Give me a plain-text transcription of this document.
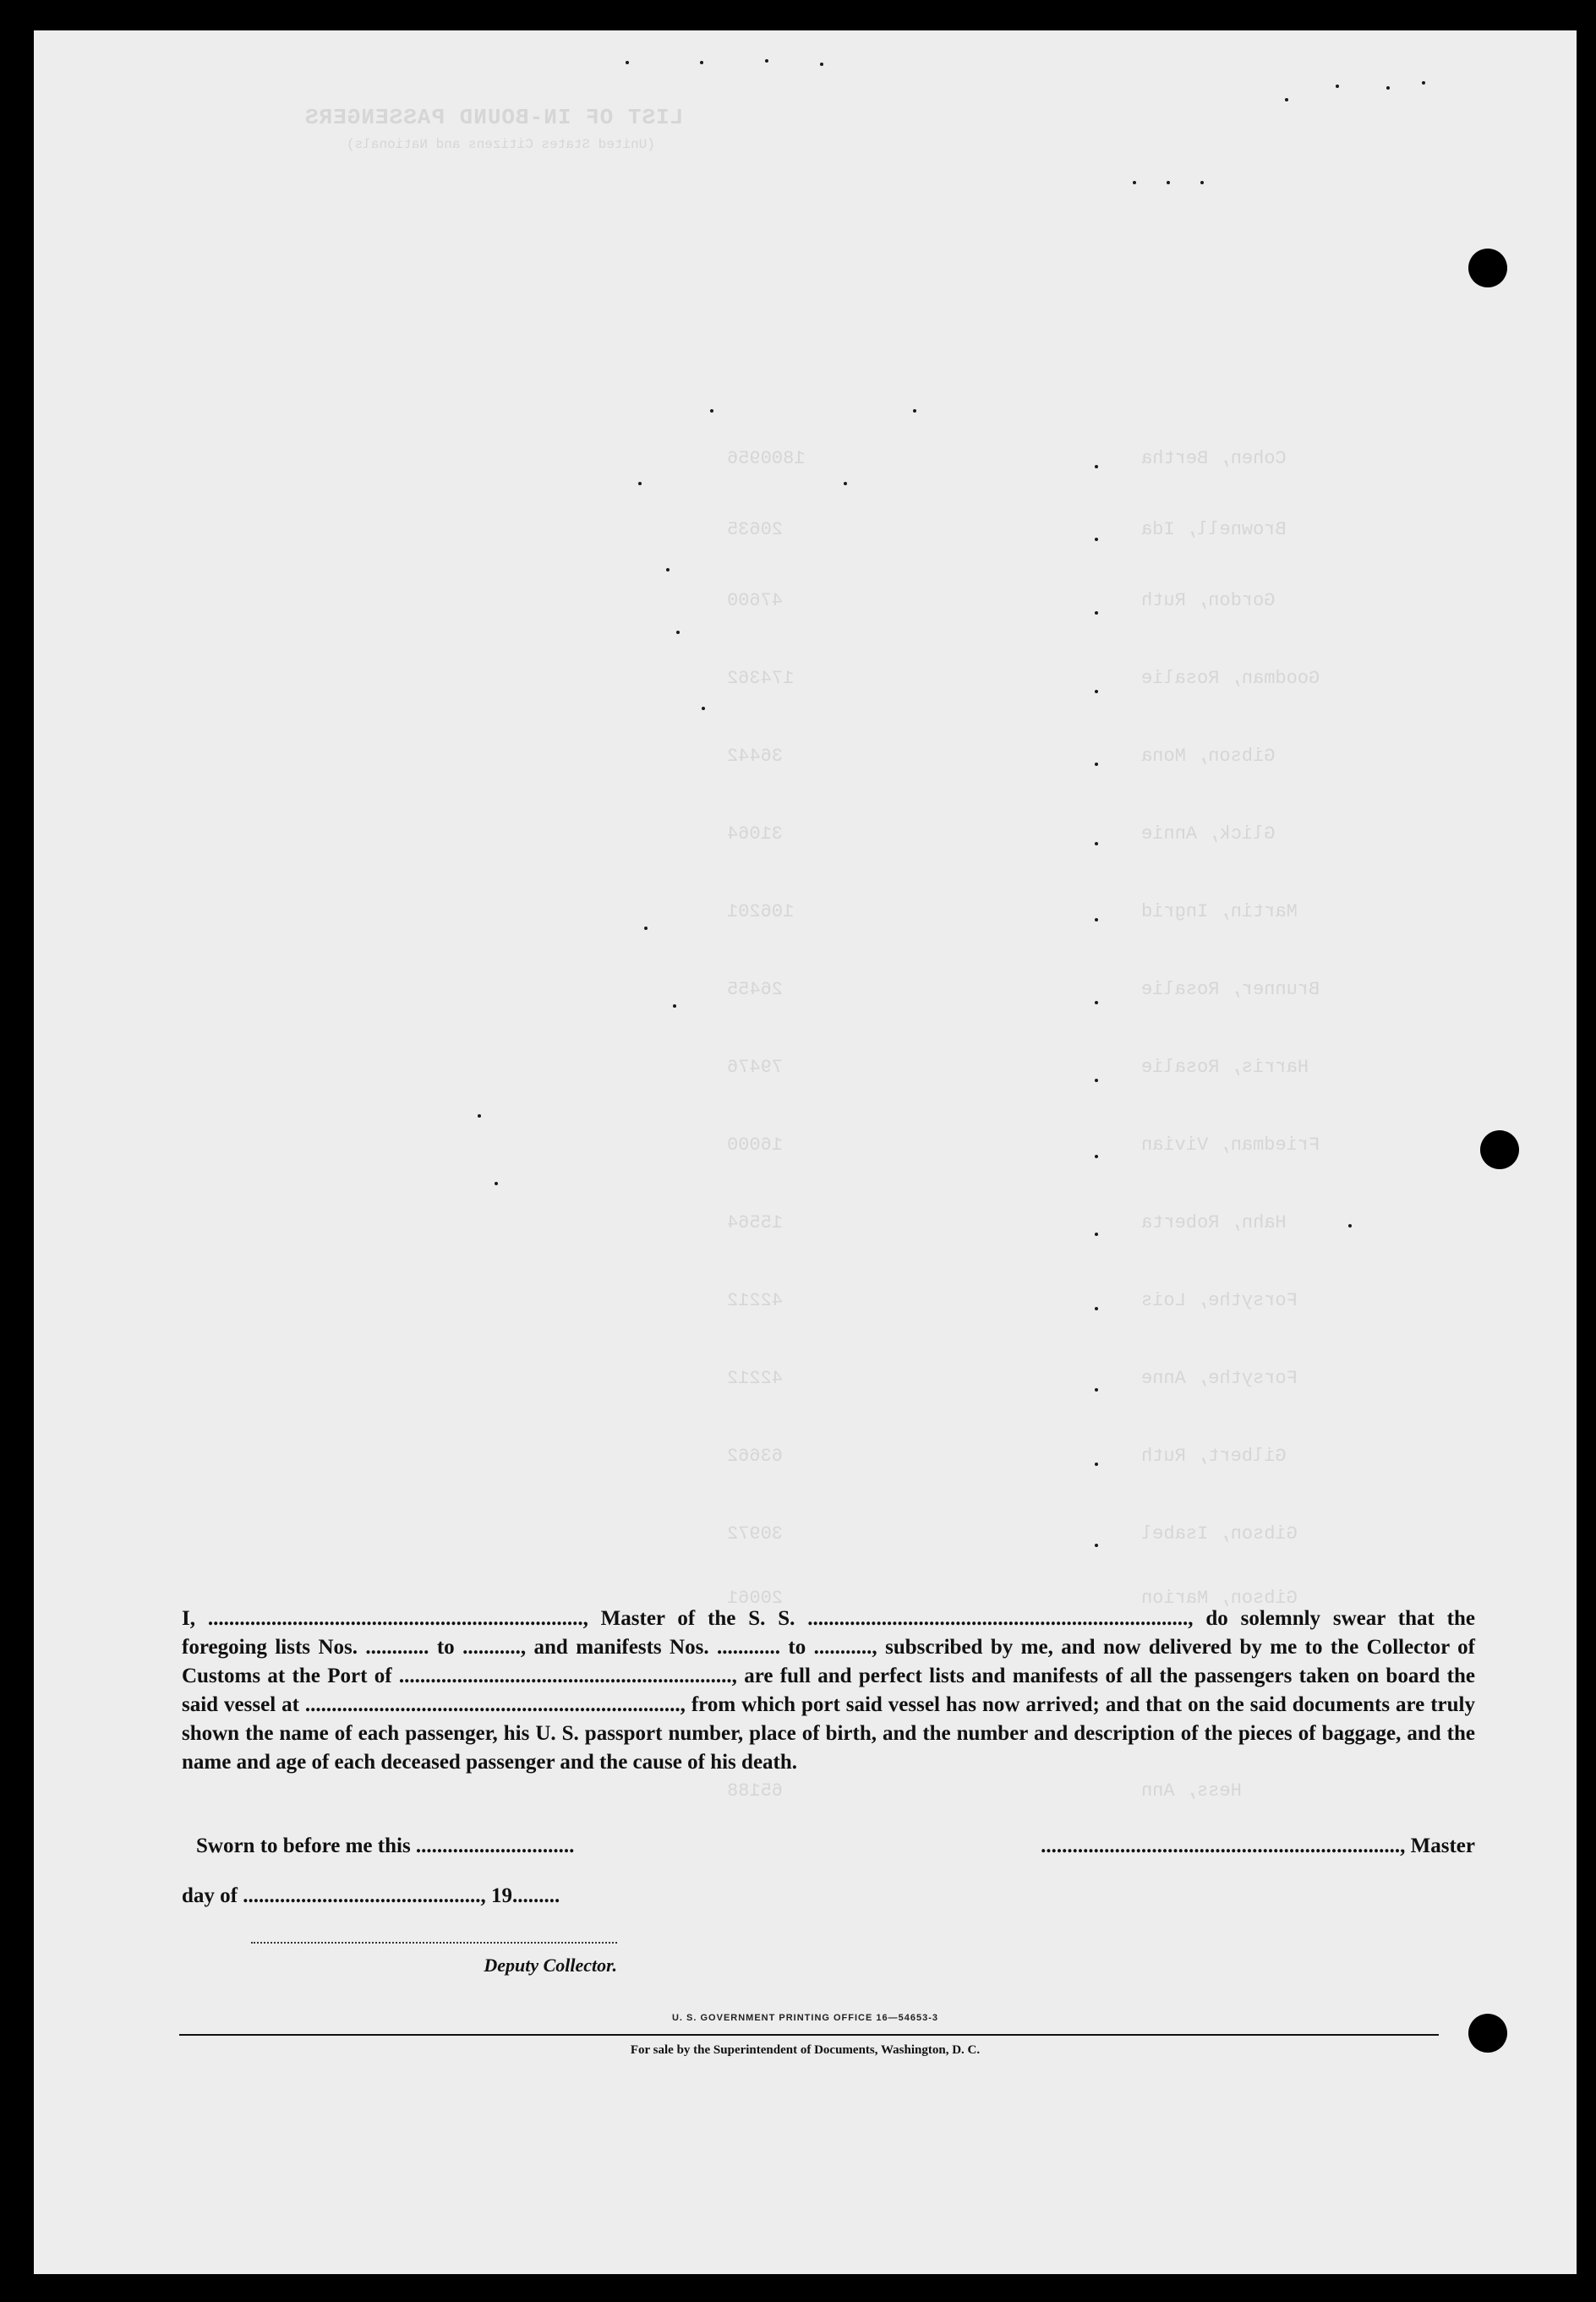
LIST OF IN-BOUND PASSENGERS
(United States Citizens and Nationals)
Cohen, Bertha
1800956
Brownell, Ida
20635
Gordon, Ruth
47600
Goodman, Rosalie
174362
Gibson, Mona
36442
Glick, Annie
31064
Martin, Ingrid
106201
Brunner, Rosalie
26455
Harris, Rosalie
79476
Friedman, Vivian
16000
Hahn, Roberta
15564
Forsythe, Lois
42212
Forsythe, Anne
42212
Gilbert, Ruth
63662
Gibson, Isabel
30972
Gibson, Marion
20061
Hess, Ann
65188

I, ......................................................................., Master of the S. S. ........................................................................, do solemnly swear that the foregoing lists Nos. ............ to ..........., and manifests Nos. ............ to ..........., subscribed by me, and now delivered by me to the Collector of Customs at the Port of ..............................................................., are full and perfect lists and manifests of all the passengers taken on board the said vessel at ......................................................................., from which port said vessel has now arrived; and that on the said documents are truly shown the name of each passenger, his U. S. passport number, place of birth, and the number and description of the pieces of baggage, and the name and age of each deceased passenger and the cause of his death.

Sworn to before me this ..............................	...................................................................., Master
day of ............................................., 19.........
Deputy Collector.
U. S. GOVERNMENT PRINTING OFFICE 16—54653-3
For sale by the Superintendent of Documents, Washington, D. C.
